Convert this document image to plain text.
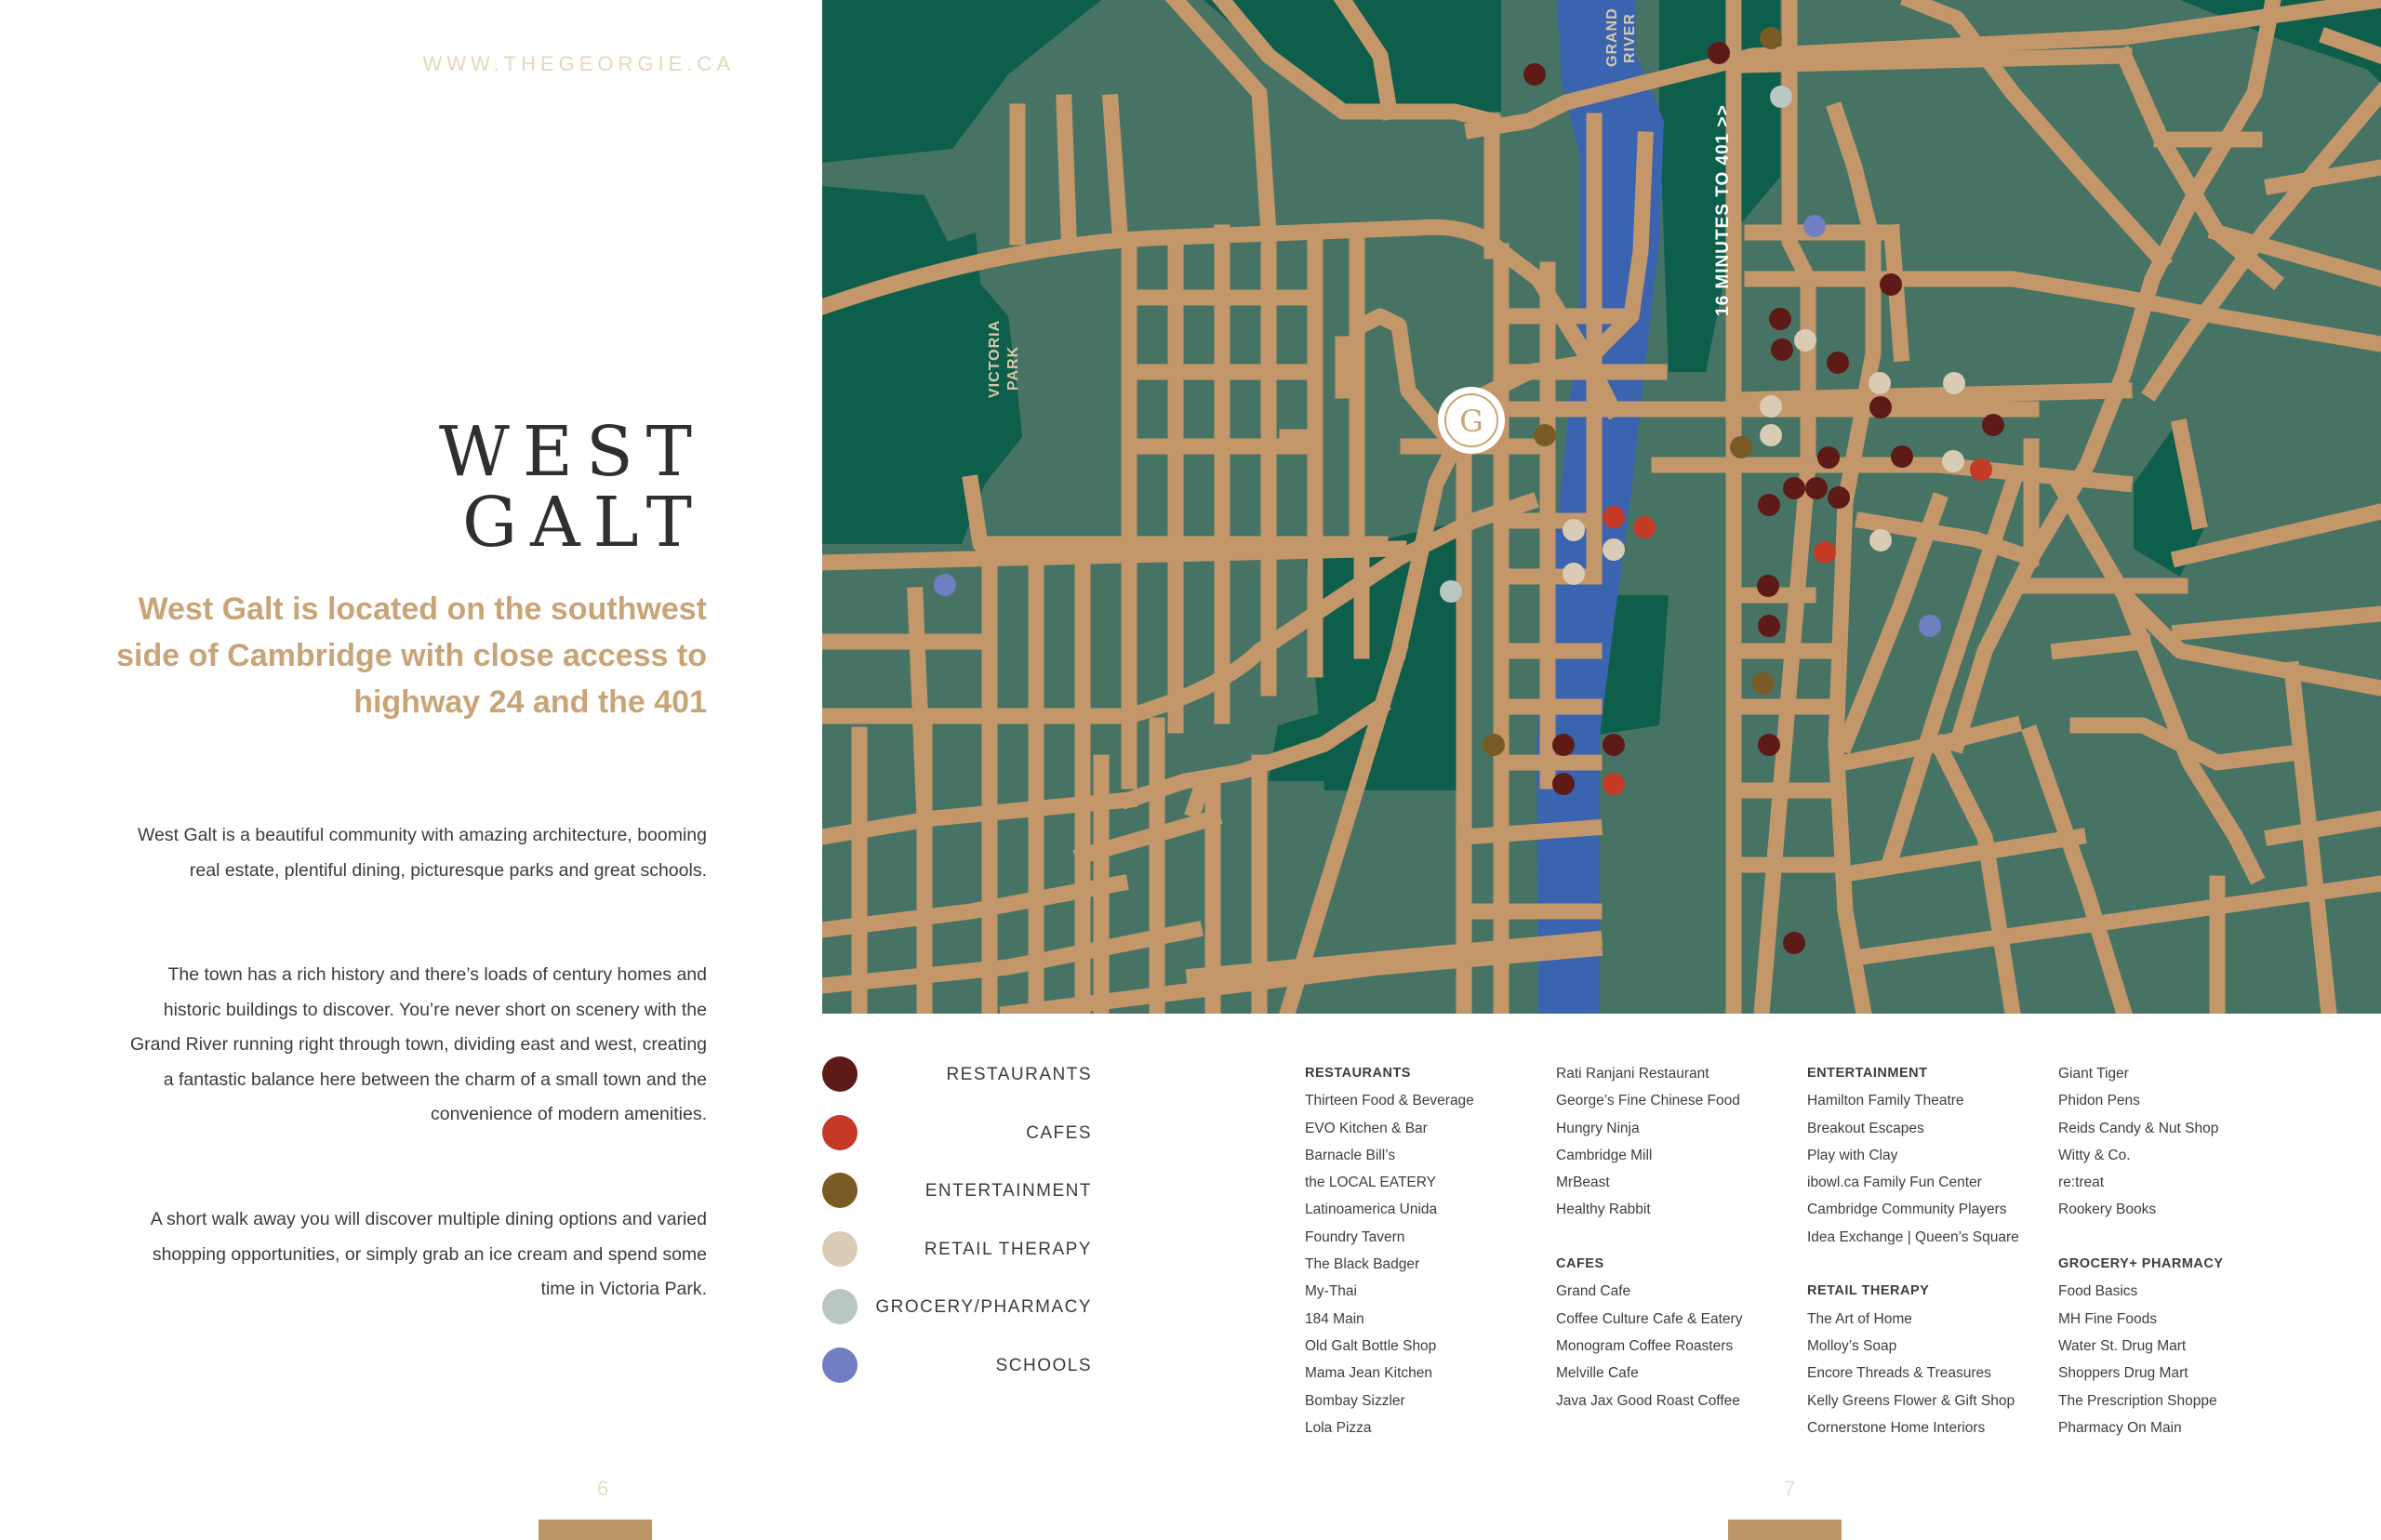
WWW.THEGEORGIE.CA
WEST
GALT
West Galt is located on the southwest side of Cambridge with close access to highway 24 and the 401
West Galt is a beautiful community with amazing architecture, booming real estate, plentiful dining, picturesque parks and great schools.
The town has a rich history and there’s loads of century homes and historic buildings to discover. You’re never short on scenery with the Grand River running right through town, dividing east and west, creating a fantastic balance here between the charm of a small town and the convenience of modern amenities.
A short walk away you will discover multiple dining options and varied shopping opportunities, or simply grab an ice cream and spend some time in Victoria Park.
6
VICTORIA PARK
GRAND RIVER
16 MINUTES TO 401 >>
G
RESTAURANTS
CAFES
ENTERTAINMENT
RETAIL THERAPY
GROCERY/PHARMACY
SCHOOLS
RESTAURANTS
Thirteen Food & Beverage
EVO Kitchen & Bar
Barnacle Bill’s
the LOCAL EATERY
Latinoamerica Unida
Foundry Tavern
The Black Badger
My-Thai
184 Main
Old Galt Bottle Shop
Mama Jean Kitchen
Bombay Sizzler
Lola Pizza
Rati Ranjani Restaurant
George’s Fine Chinese Food
Hungry Ninja
Cambridge Mill
MrBeast
Healthy Rabbit
CAFES
Grand Cafe
Coffee Culture Cafe & Eatery
Monogram Coffee Roasters
Melville Cafe
Java Jax Good Roast Coffee
ENTERTAINMENT
Hamilton Family Theatre
Breakout Escapes
Play with Clay
ibowl.ca Family Fun Center
Cambridge Community Players
Idea Exchange | Queen’s Square
RETAIL THERAPY
The Art of Home
Molloy’s Soap
Encore Threads & Treasures
Kelly Greens Flower & Gift Shop
Cornerstone Home Interiors
Giant Tiger
Phidon Pens
Reids Candy & Nut Shop
Witty & Co.
re:treat
Rookery Books
GROCERY+ PHARMACY
Food Basics
MH Fine Foods
Water St. Drug Mart
Shoppers Drug Mart
The Prescription Shoppe
Pharmacy On Main
7
